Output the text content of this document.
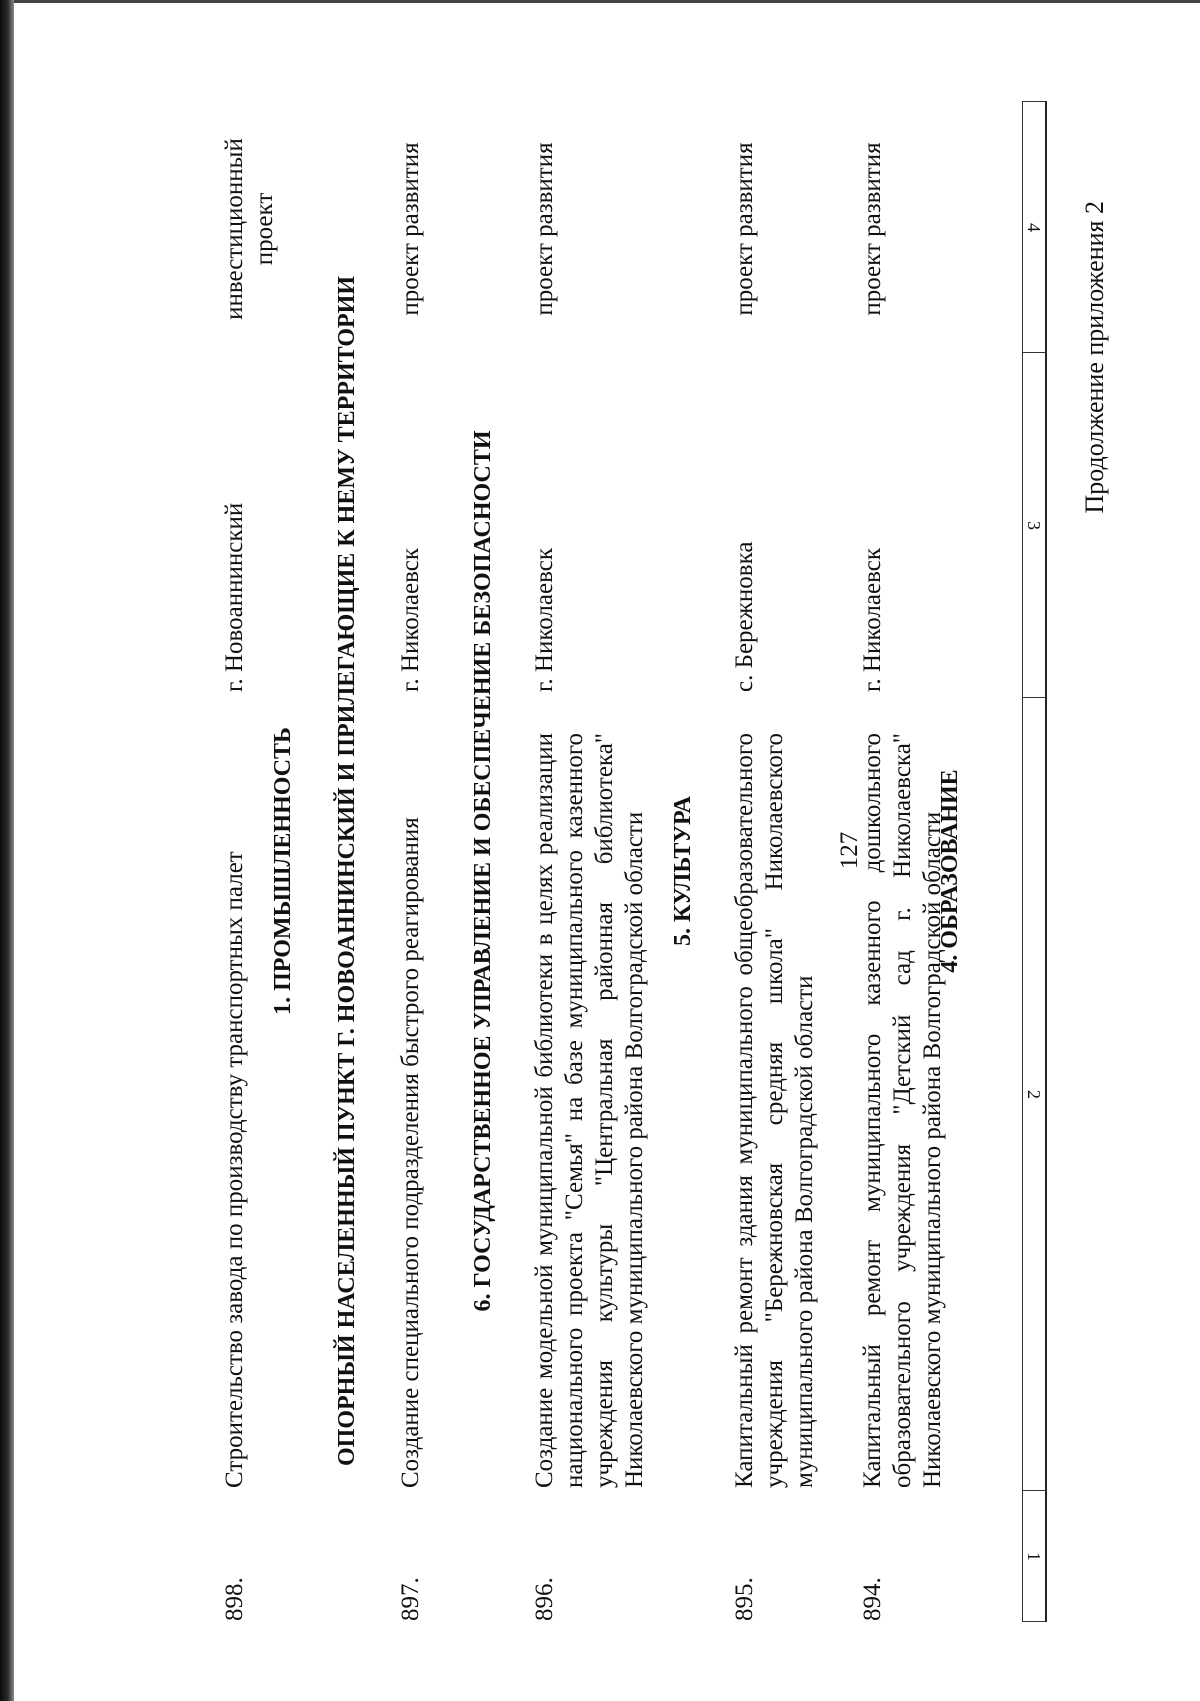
127
Продолжение приложения 2
1
2
3
4
4. ОБРАЗОВАНИЕ
894.
Капитальный ремонт муниципального казенного дошкольного образовательного учреждения "Детский сад г. Николаевска" Николаевского муниципального района Волгоградской области
г. Николаевск
проект развития
895.
Капитальный ремонт здания муниципального общеобразовательного учреждения "Бережновская средняя школа" Николаевского муниципального района Волгоградской области
с. Бережновка
проект развития
5. КУЛЬТУРА
896.
Создание модельной муниципальной библиотеки в целях реализации национального проекта "Семья" на базе муниципального казенного учреждения культуры "Центральная районная библиотека" Николаевского муниципального района Волгоградской области
г. Николаевск
проект развития
6. ГОСУДАРСТВЕННОЕ УПРАВЛЕНИЕ И ОБЕСПЕЧЕНИЕ БЕЗОПАСНОСТИ
897.
Создание специального подразделения быстрого реагирования
г. Николаевск
проект развития
ОПОРНЫЙ НАСЕЛЕННЫЙ ПУНКТ Г. НОВОАННИНСКИЙ И ПРИЛЕГАЮЩИЕ К НЕМУ ТЕРРИТОРИИ
1. ПРОМЫШЛЕННОСТЬ
898.
Строительство завода по производству транспортных палет
г. Новоаннинский
инвестиционный проект
